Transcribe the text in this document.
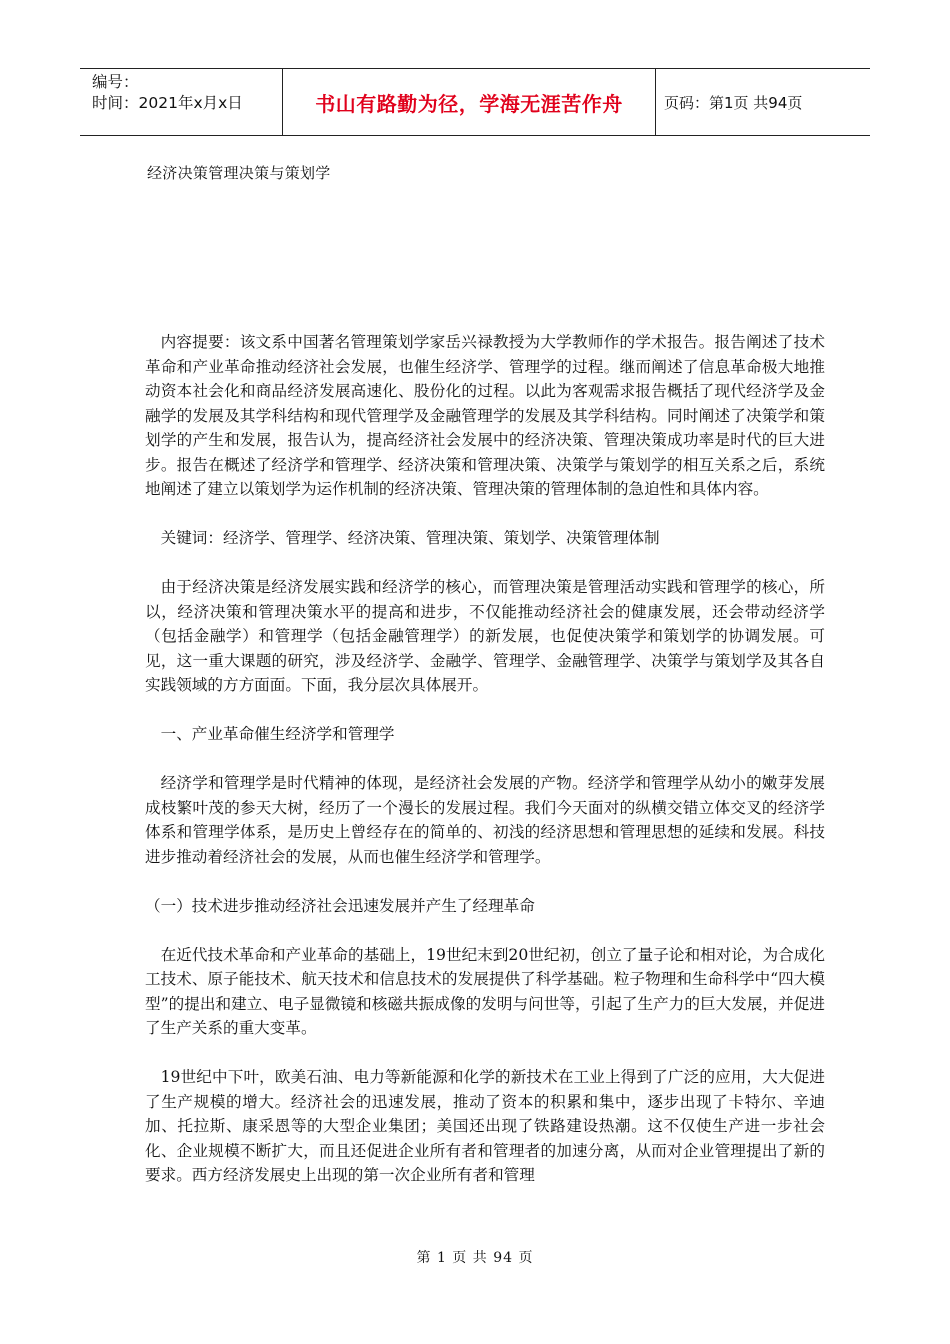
编号：
时间：2021年x月x日	书山有路勤为径，学海无涯苦作舟	页码：第1页 共94页
经济决策管理决策与策划学

内容提要：该文系中国著名管理策划学家岳兴禄教授为大学教师作的学术报告。报告阐述了技术革命和产业革命推动经济社会发展，也催生经济学、管理学的过程。继而阐述了信息革命极大地推动资本社会化和商品经济发展高速化、股份化的过程。以此为客观需求报告概括了现代经济学及金融学的发展及其学科结构和现代管理学及金融管理学的发展及其学科结构。同时阐述了决策学和策划学的产生和发展，报告认为，提高经济社会发展中的经济决策、管理决策成功率是时代的巨大进步。报告在概述了经济学和管理学、经济决策和管理决策、决策学与策划学的相互关系之后，系统地阐述了建立以策划学为运作机制的经济决策、管理决策的管理体制的急迫性和具体内容。

关键词：经济学、管理学、经济决策、管理决策、策划学、决策管理体制

由于经济决策是经济发展实践和经济学的核心，而管理决策是管理活动实践和管理学的核心，所以，经济决策和管理决策水平的提高和进步，不仅能推动经济社会的健康发展，还会带动经济学（包括金融学）和管理学（包括金融管理学）的新发展，也促使决策学和策划学的协调发展。可见，这一重大课题的研究，涉及经济学、金融学、管理学、金融管理学、决策学与策划学及其各自实践领域的方方面面。下面，我分层次具体展开。

一、产业革命催生经济学和管理学

经济学和管理学是时代精神的体现，是经济社会发展的产物。经济学和管理学从幼小的嫩芽发展成枝繁叶茂的参天大树，经历了一个漫长的发展过程。我们今天面对的纵横交错立体交叉的经济学体系和管理学体系，是历史上曾经存在的简单的、初浅的经济思想和管理思想的延续和发展。科技进步推动着经济社会的发展，从而也催生经济学和管理学。

（一）技术进步推动经济社会迅速发展并产生了经理革命

在近代技术革命和产业革命的基础上，19世纪末到20世纪初，创立了量子论和相对论，为合成化工技术、原子能技术、航天技术和信息技术的发展提供了科学基础。粒子物理和生命科学中“四大模型”的提出和建立、电子显微镜和核磁共振成像的发明与问世等，引起了生产力的巨大发展，并促进了生产关系的重大变革。

19世纪中下叶，欧美石油、电力等新能源和化学的新技术在工业上得到了广泛的应用，大大促进了生产规模的增大。经济社会的迅速发展，推动了资本的积累和集中，逐步出现了卡特尔、辛迪加、托拉斯、康采恩等的大型企业集团；美国还出现了铁路建设热潮。这不仅使生产进一步社会化、企业规模不断扩大，而且还促进企业所有者和管理者的加速分离，从而对企业管理提出了新的要求。西方经济发展史上出现的第一次企业所有者和管理

第 1 页 共 94 页
